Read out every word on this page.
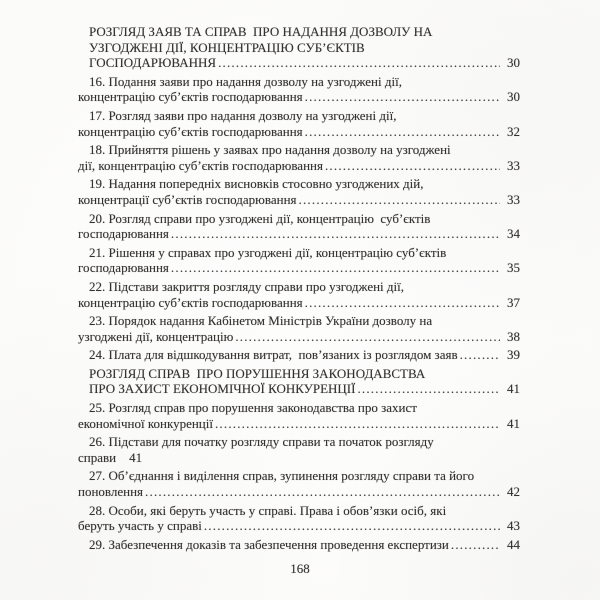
РОЗГЛЯД ЗАЯВ ТА СПРАВ  ПРО НАДАННЯ ДОЗВОЛУ НА
УЗГОДЖЕНІ ДІЇ, КОНЦЕНТРАЦІЮ СУБ’ЄКТІВ
ГОСПОДАРЮВАННЯ .....	30
16. Подання заяви про надання дозволу на узгоджені дії,
концентрацію суб’єктів господарювання .....	30
17. Розгляд заяви про надання дозволу на узгоджені дії,
концентрацію суб’єктів господарювання .....	32
18. Прийняття рішень у заявах про надання дозволу на узгоджені
дії, концентрацію суб’єктів господарювання .....	33
19. Надання попередніх висновків стосовно узгоджених дій,
концентрації суб’єктів господарювання .....	33
20. Розгляд справи про узгоджені дії, концентрацію  суб’єктів
господарювання .....	34
21. Рішення у справах про узгоджені дії, концентрацію суб’єктів
господарювання .....	35
22. Підстави закриття розгляду справи про узгоджені дії,
концентрацію суб’єктів господарювання .....	37
23. Порядок надання Кабінетом Міністрів України дозволу на
узгоджені дії, концентрацію .....	38
24. Плата для відшкодування витрат,  пов’язаних із розглядом заяв .....	39
РОЗГЛЯД СПРАВ  ПРО ПОРУШЕННЯ ЗАКОНОДАВСТВА
ПРО ЗАХИСТ ЕКОНОМІЧНОЇ КОНКУРЕНЦІЇ .....	41
25. Розгляд справ про порушення законодавства про захист
економічної конкуренції .....	41
26. Підстави для початку розгляду справи та початок розгляду
справи 41
27. Об’єднання і виділення справ, зупинення розгляду справи та його
поновлення .....	42
28. Особи, які беруть участь у справі. Права і обов’язки осіб, які
беруть участь у справі .....	43
29. Забезпечення доказів та забезпечення проведення експертизи .....	44
168
